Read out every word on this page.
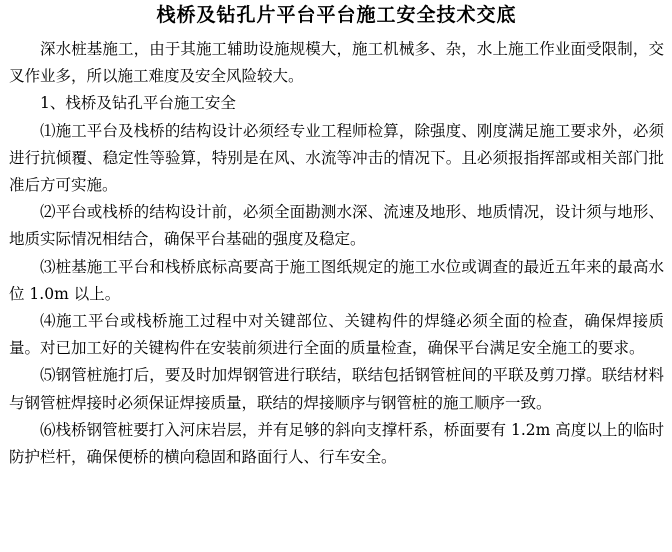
栈桥及钻孔片平台平台施工安全技术交底

深水桩基施工，由于其施工辅助设施规模大，施工机械多、杂，水上施工作业面受限制，交叉作业多，所以施工难度及安全风险较大。

1、栈桥及钻孔平台施工安全

⑴施工平台及栈桥的结构设计必须经专业工程师检算，除强度、刚度满足施工要求外，必须进行抗倾覆、稳定性等验算，特别是在风、水流等冲击的情况下。且必须报指挥部或相关部门批准后方可实施。

⑵平台或栈桥的结构设计前，必须全面勘测水深、流速及地形、地质情况，设计须与地形、地质实际情况相结合，确保平台基础的强度及稳定。

⑶桩基施工平台和栈桥底标高要高于施工图纸规定的施工水位或调查的最近五年来的最高水位 1.0m 以上。

⑷施工平台或栈桥施工过程中对关键部位、关键构件的焊缝必须全面的检查，确保焊接质量。对已加工好的关键构件在安装前须进行全面的质量检查，确保平台满足安全施工的要求。

⑸钢管桩施打后，要及时加焊钢管进行联结，联结包括钢管桩间的平联及剪刀撑。联结材料与钢管桩焊接时必须保证焊接质量，联结的焊接顺序与钢管桩的施工顺序一致。

⑹栈桥钢管桩要打入河床岩层，并有足够的斜向支撑杆系，桥面要有 1.2m 高度以上的临时防护栏杆，确保便桥的横向稳固和路面行人、行车安全。
